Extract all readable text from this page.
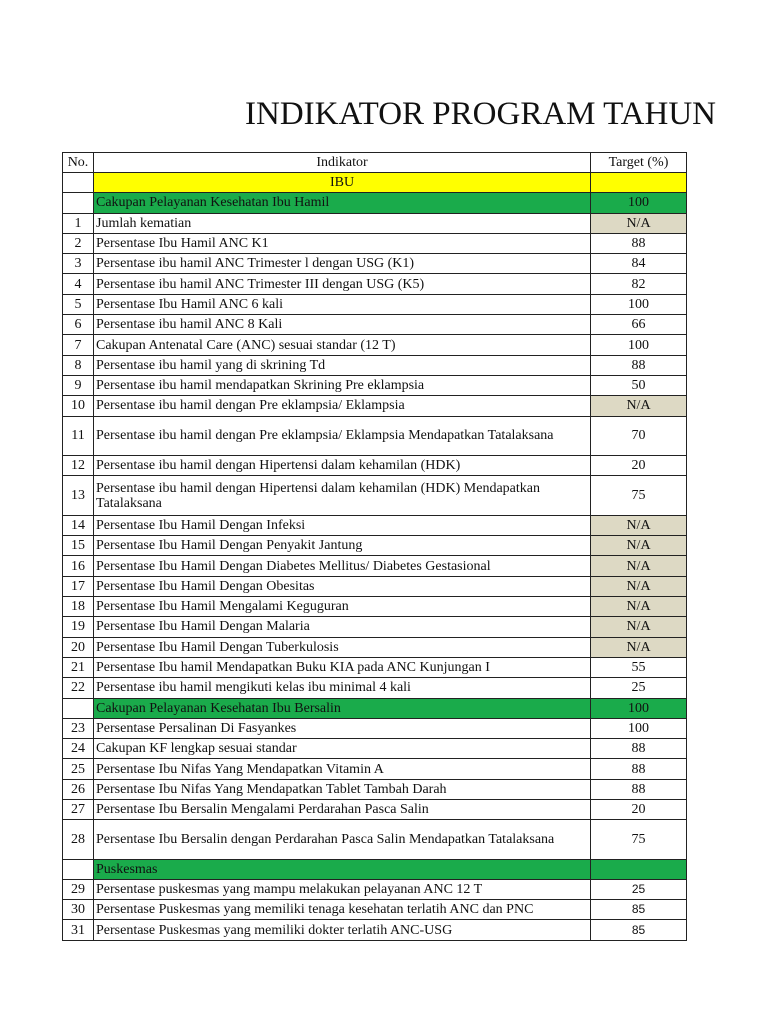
INDIKATOR PROGRAM TAHUN
No.	Indikator	Target (%)
	IBU	
	Cakupan Pelayanan Kesehatan Ibu Hamil	100
1	Jumlah kematian	N/A
2	Persentase Ibu Hamil ANC K1	88
3	Persentase ibu hamil ANC Trimester l dengan USG (K1)	84
4	Persentase ibu hamil ANC Trimester III dengan USG (K5)	82
5	Persentase Ibu Hamil ANC 6 kali	100
6	Persentase ibu hamil ANC 8 Kali	66
7	Cakupan Antenatal Care (ANC) sesuai standar (12 T)	100
8	Persentase ibu hamil yang di skrining Td	88
9	Persentase ibu hamil mendapatkan Skrining Pre eklampsia	50
10	Persentase ibu hamil dengan Pre eklampsia/ Eklampsia	N/A
11	Persentase ibu hamil dengan Pre eklampsia/ Eklampsia Mendapatkan Tatalaksana	70
12	Persentase ibu hamil dengan Hipertensi dalam kehamilan (HDK)	20
13	Persentase ibu hamil dengan Hipertensi dalam kehamilan (HDK) Mendapatkan Tatalaksana	75
14	Persentase Ibu Hamil Dengan Infeksi	N/A
15	Persentase Ibu Hamil Dengan Penyakit Jantung	N/A
16	Persentase Ibu Hamil Dengan Diabetes Mellitus/ Diabetes Gestasional	N/A
17	Persentase Ibu Hamil Dengan Obesitas	N/A
18	Persentase Ibu Hamil Mengalami Keguguran	N/A
19	Persentase Ibu Hamil Dengan Malaria	N/A
20	Persentase Ibu Hamil Dengan Tuberkulosis	N/A
21	Persentase Ibu hamil Mendapatkan Buku KIA pada ANC Kunjungan I	55
22	Persentase ibu hamil mengikuti kelas ibu minimal 4 kali	25
	Cakupan Pelayanan Kesehatan Ibu Bersalin	100
23	Persentase Persalinan Di Fasyankes	100
24	Cakupan KF lengkap sesuai standar	88
25	Persentase Ibu Nifas Yang Mendapatkan Vitamin A	88
26	Persentase Ibu Nifas Yang Mendapatkan Tablet Tambah Darah	88
27	Persentase Ibu Bersalin Mengalami Perdarahan Pasca Salin	20
28	Persentase Ibu Bersalin dengan Perdarahan Pasca Salin Mendapatkan Tatalaksana	75
	Puskesmas	
29	Persentase puskesmas yang mampu melakukan pelayanan ANC 12 T	25
30	Persentase Puskesmas yang memiliki tenaga kesehatan terlatih ANC dan PNC	85
31	Persentase Puskesmas yang memiliki dokter terlatih ANC-USG	85
